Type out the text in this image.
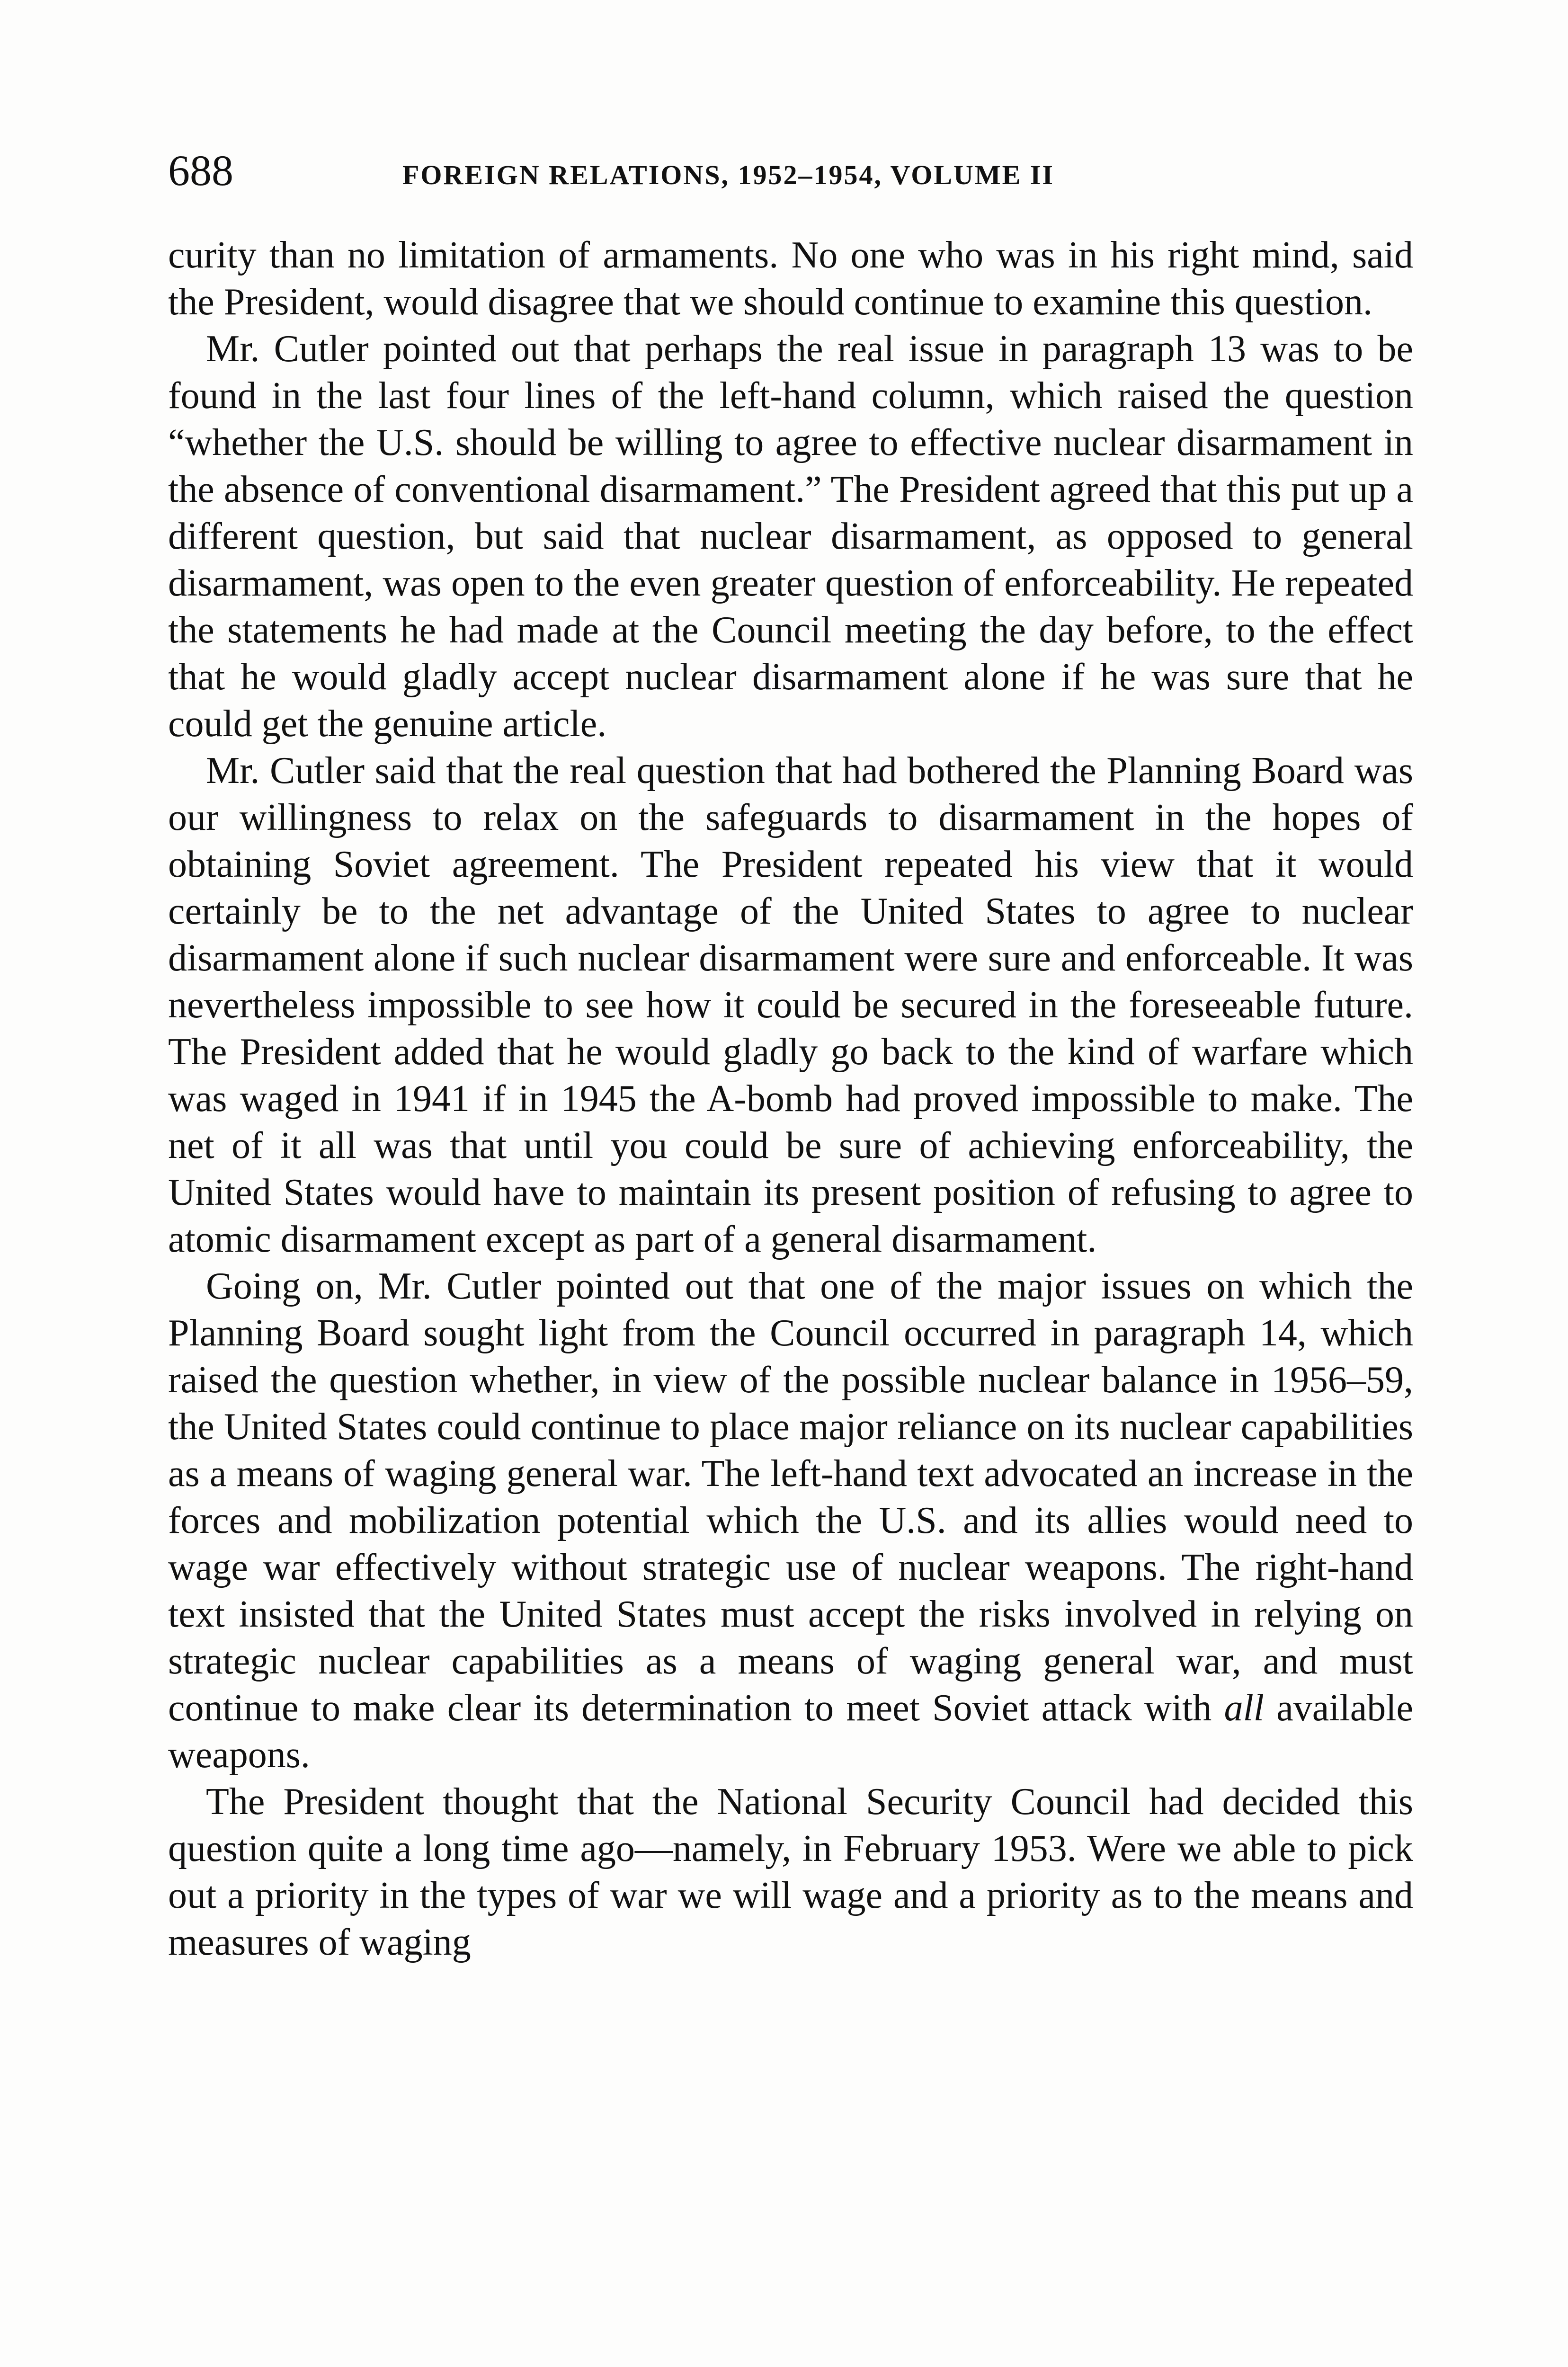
688	FOREIGN RELATIONS, 1952–1954, VOLUME II

curity than no limitation of armaments. No one who was in his right mind, said the President, would disagree that we should continue to examine this question.

Mr. Cutler pointed out that perhaps the real issue in paragraph 13 was to be found in the last four lines of the left-hand column, which raised the question “whether the U.S. should be willing to agree to effective nuclear disarmament in the absence of conventional disarmament.” The President agreed that this put up a different question, but said that nuclear disarmament, as opposed to general disarmament, was open to the even greater question of enforceability. He repeated the statements he had made at the Council meeting the day before, to the effect that he would gladly accept nuclear disarmament alone if he was sure that he could get the genuine article.

Mr. Cutler said that the real question that had bothered the Planning Board was our willingness to relax on the safeguards to disarmament in the hopes of obtaining Soviet agreement. The President repeated his view that it would certainly be to the net advantage of the United States to agree to nuclear disarmament alone if such nuclear disarmament were sure and enforceable. It was nevertheless impossible to see how it could be secured in the foreseeable future. The President added that he would gladly go back to the kind of warfare which was waged in 1941 if in 1945 the A-bomb had proved impossible to make. The net of it all was that until you could be sure of achieving enforceability, the United States would have to maintain its present position of refusing to agree to atomic disarmament except as part of a general disarmament.

Going on, Mr. Cutler pointed out that one of the major issues on which the Planning Board sought light from the Council occurred in paragraph 14, which raised the question whether, in view of the possible nuclear balance in 1956–59, the United States could continue to place major reliance on its nuclear capabilities as a means of waging general war. The left-hand text advocated an increase in the forces and mobilization potential which the U.S. and its allies would need to wage war effectively without strategic use of nuclear weapons. The right-hand text insisted that the United States must accept the risks involved in relying on strategic nuclear capabilities as a means of waging general war, and must continue to make clear its determination to meet Soviet attack with all available weapons.

The President thought that the National Security Council had decided this question quite a long time ago—namely, in February 1953. Were we able to pick out a priority in the types of war we will wage and a priority as to the means and measures of waging
